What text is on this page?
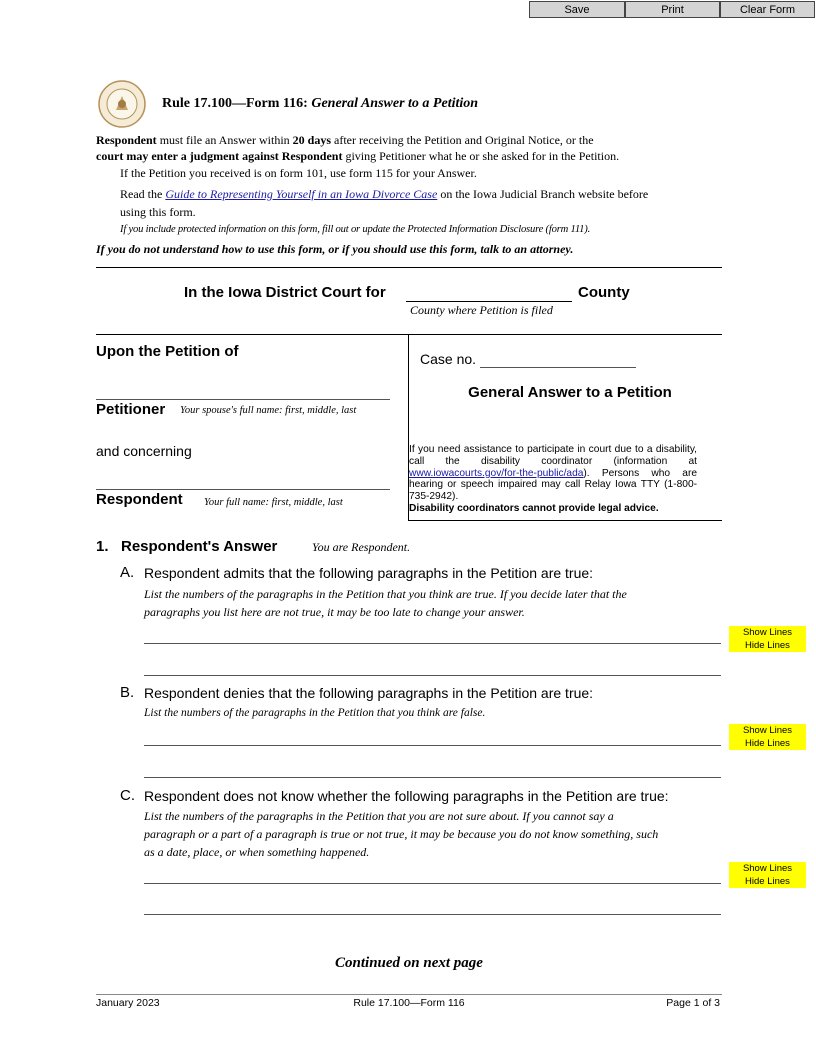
Save	Print	Clear Form
Rule 17.100—Form 116: General Answer to a Petition
Respondent must file an Answer within 20 days after receiving the Petition and Original Notice, or the
court may enter a judgment against Respondent giving Petitioner what he or she asked for in the Petition.
If the Petition you received is on form 101, use form 115 for your Answer.
Read the Guide to Representing Yourself in an Iowa Divorce Case on the Iowa Judicial Branch website before
using this form.
If you include protected information on this form, fill out or update the Protected Information Disclosure (form 111).
If you do not understand how to use this form, or if you should use this form, talk to an attorney.
In the Iowa District Court for	County
County where Petition is filed
Upon the Petition of
Petitioner Your spouse's full name: first, middle, last
and concerning
Respondent Your full name: first, middle, last
Case no.
General Answer to a Petition
If you need assistance to participate in court due to a disability, call the disability coordinator (information at www.iowacourts.gov/for-the-public/ada). Persons who are hearing or speech impaired may call Relay Iowa TTY (1-800-735-2942).
Disability coordinators cannot provide legal advice.
1. Respondent's Answer	You are Respondent.
A. Respondent admits that the following paragraphs in the Petition are true:
List the numbers of the paragraphs in the Petition that you think are true. If you decide later that the
paragraphs you list here are not true, it may be too late to change your answer.
Show Lines
Hide Lines
B. Respondent denies that the following paragraphs in the Petition are true:
List the numbers of the paragraphs in the Petition that you think are false.
Show Lines
Hide Lines
C. Respondent does not know whether the following paragraphs in the Petition are true:
List the numbers of the paragraphs in the Petition that you are not sure about. If you cannot say a
paragraph or a part of a paragraph is true or not true, it may be because you do not know something, such
as a date, place, or when something happened.
Show Lines
Hide Lines
Continued on next page
January 2023	Rule 17.100—Form 116	Page 1 of 3
